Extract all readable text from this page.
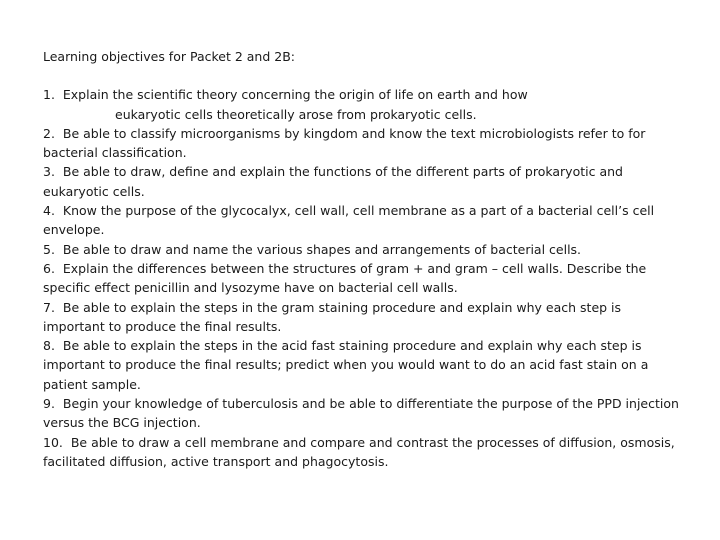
Learning objectives for Packet 2 and 2B:

1. Explain the scientific theory concerning the origin of life on earth and how
eukaryotic cells theoretically arose from prokaryotic cells.

2. Be able to classify microorganisms by kingdom and know the text microbiologists refer to for bacterial classification.

3. Be able to draw, define and explain the functions of the different parts of prokaryotic and eukaryotic cells.

4. Know the purpose of the glycocalyx, cell wall, cell membrane as a part of a bacterial cell’s cell envelope.

5. Be able to draw and name the various shapes and arrangements of bacterial cells.

6. Explain the differences between the structures of gram + and gram – cell walls. Describe the specific effect penicillin and lysozyme have on bacterial cell walls.

7. Be able to explain the steps in the gram staining procedure and explain why each step is important to produce the final results.

8. Be able to explain the steps in the acid fast staining procedure and explain why each step is important to produce the final results; predict when you would want to do an acid fast stain on a patient sample.

9. Begin your knowledge of tuberculosis and be able to differentiate the purpose of the PPD injection versus the BCG injection.

10. Be able to draw a cell membrane and compare and contrast the processes of diffusion, osmosis, facilitated diffusion, active transport and phagocytosis.
